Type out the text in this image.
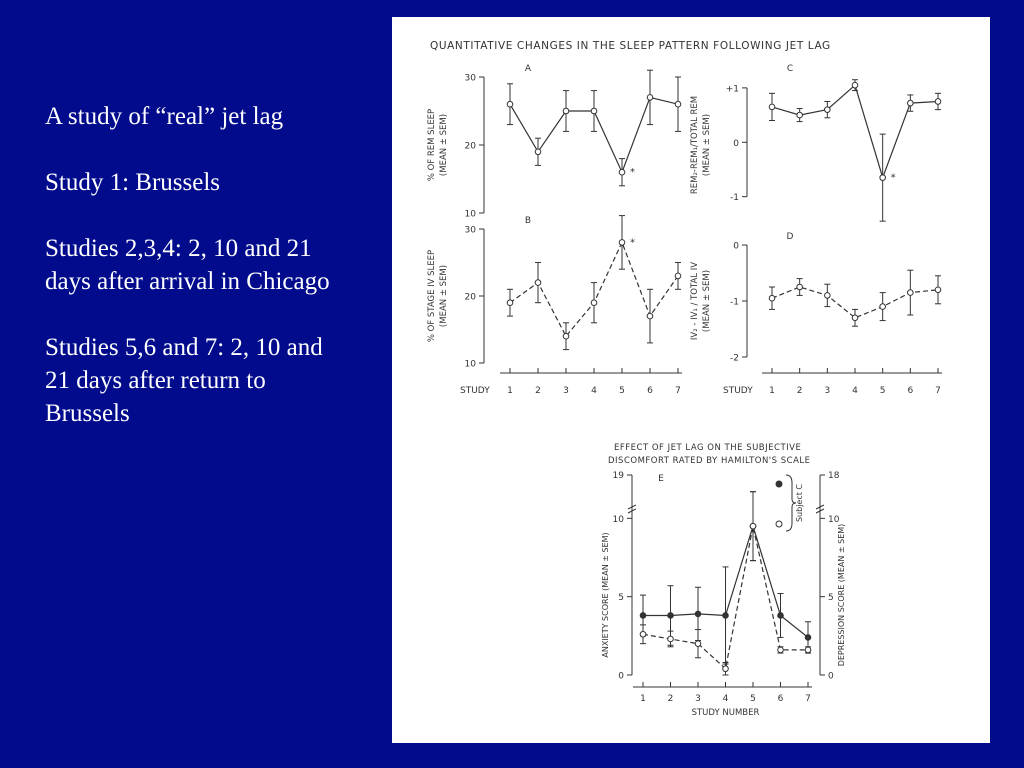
A study of “real” jet lag

Study 1: Brussels

Studies 2,3,4: 2, 10 and 21 days after arrival in Chicago

Studies 5,6 and 7: 2, 10 and 21 days after return to Brussels

QUANTITATIVE CHANGES IN THE SLEEP PATTERN FOLLOWING JET LAG
EFFECT OF JET LAG ON THE SUBJECTIVE
DISCOMFORT RATED BY HAMILTON'S SCALE
STUDY	STUDY
10
20
30
A
% OF REM SLEEP (MEAN ± SEM)	*
10
20
30
B
% OF STAGE IV SLEEP (MEAN ± SEM)
1 2 3 4 5 6 7
*
-1
0
+1
C
REM₂-REM₁/TOTAL REM (MEAN ± SEM)
*
-2
-1
0
D
IV₂ - IV₁ / TOTAL IV (MEAN ± SEM)
1 2 3 4 5 6 7
0
5
10
E
ANXIETY SCORE (MEAN ± SEM)	DEPRESSION SCORE (MEAN ± SEM)
0
5
10
19	18
Subject C
STUDY NUMBER
1 2 3 4 5 6 7
